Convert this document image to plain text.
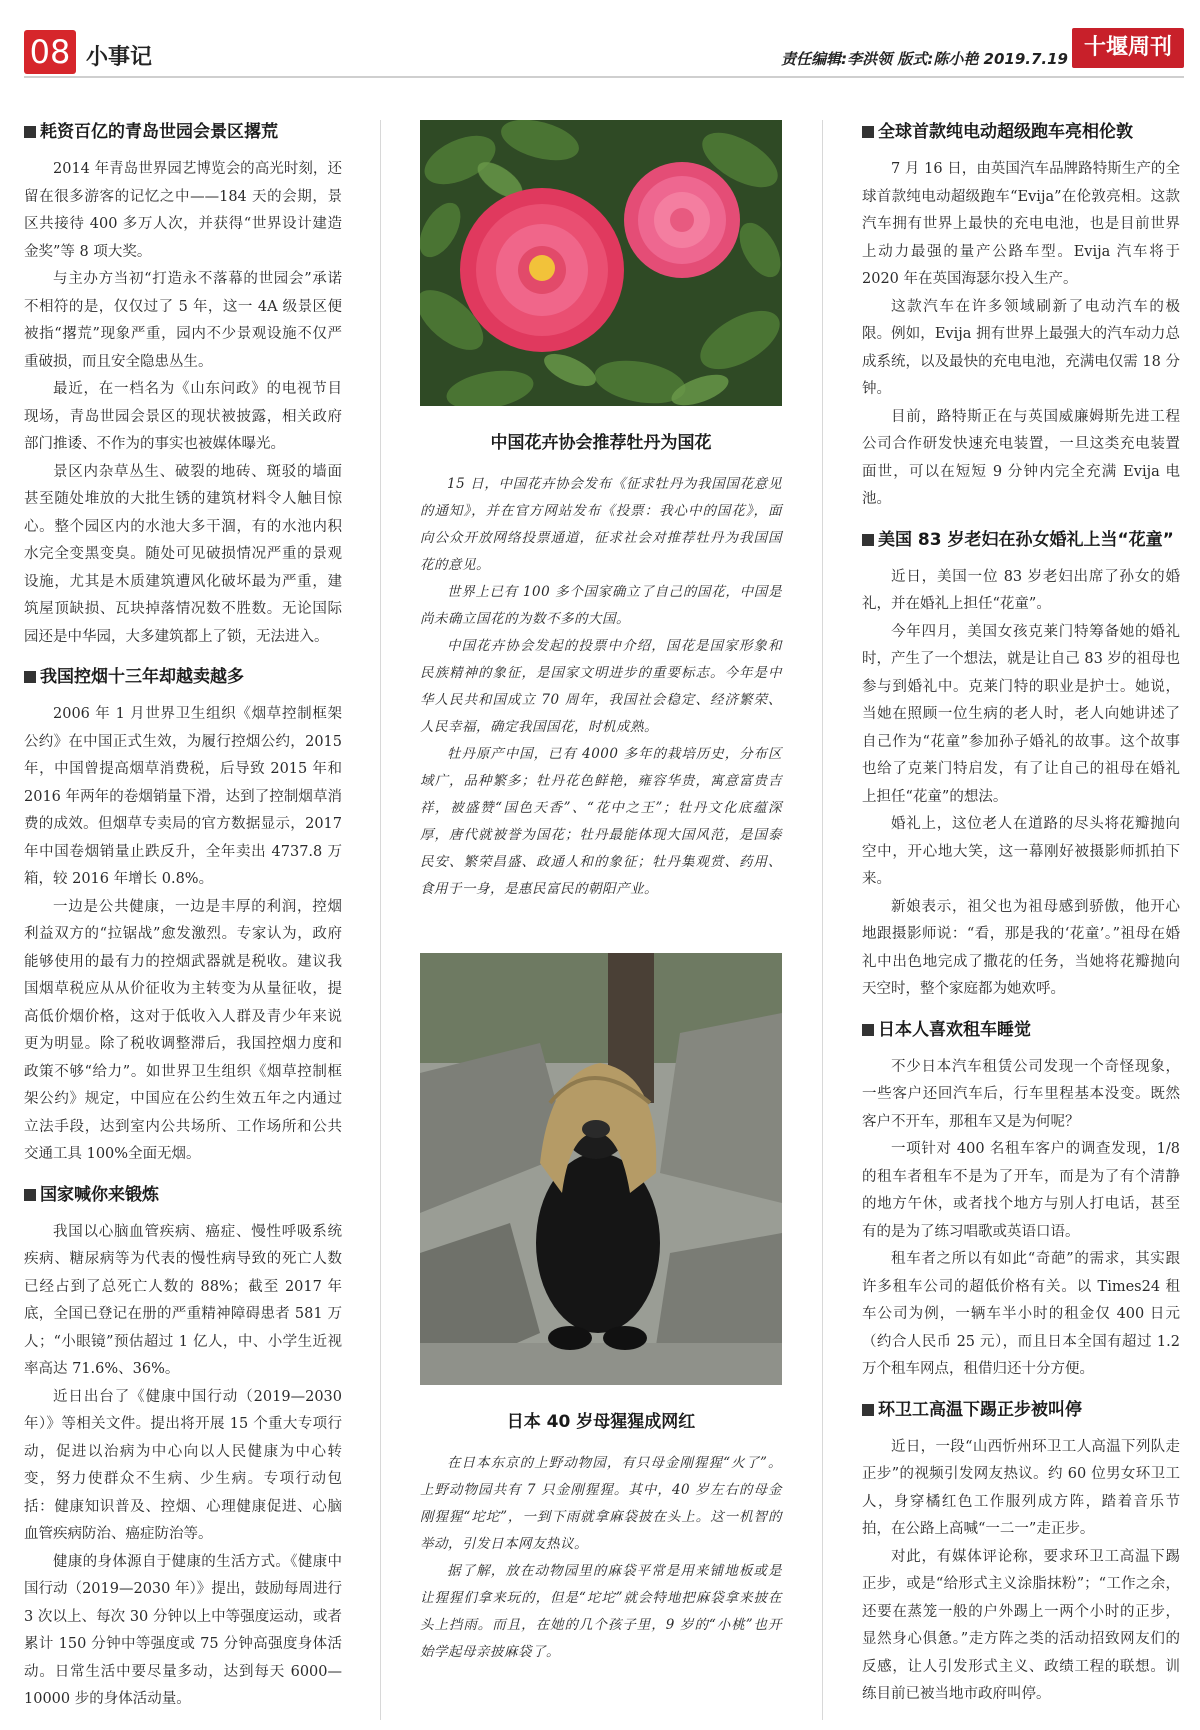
08 小事记	责任编辑:李洪领 版式:陈小艳 2019.7.19 十堰周刊
耗资百亿的青岛世园会景区撂荒

2014 年青岛世界园艺博览会的高光时刻，还留在很多游客的记忆之中——184 天的会期，景区共接待 400 多万人次，并获得“世界设计建造金奖”等 8 项大奖。

与主办方当初“打造永不落幕的世园会”承诺不相符的是，仅仅过了 5 年，这一 4A 级景区便被指“撂荒”现象严重，园内不少景观设施不仅严重破损，而且安全隐患丛生。

最近，在一档名为《山东问政》的电视节目现场，青岛世园会景区的现状被披露，相关政府部门推诿、不作为的事实也被媒体曝光。

景区内杂草丛生、破裂的地砖、斑驳的墙面甚至随处堆放的大批生锈的建筑材料令人触目惊心。整个园区内的水池大多干涸，有的水池内积水完全变黑变臭。随处可见破损情况严重的景观设施，尤其是木质建筑遭风化破坏最为严重，建筑屋顶缺损、瓦块掉落情况数不胜数。无论国际园还是中华园，大多建筑都上了锁，无法进入。

我国控烟十三年却越卖越多

2006 年 1 月世界卫生组织《烟草控制框架公约》在中国正式生效，为履行控烟公约，2015 年，中国曾提高烟草消费税，后导致 2015 年和 2016 年两年的卷烟销量下滑，达到了控制烟草消费的成效。但烟草专卖局的官方数据显示，2017 年中国卷烟销量止跌反升，全年卖出 4737.8 万箱，较 2016 年增长 0.8%。

一边是公共健康，一边是丰厚的利润，控烟利益双方的“拉锯战”愈发激烈。专家认为，政府能够使用的最有力的控烟武器就是税收。建议我国烟草税应从从价征收为主转变为从量征收，提高低价烟价格，这对于低收入人群及青少年来说更为明显。除了税收调整滞后，我国控烟力度和政策不够“给力”。如世界卫生组织《烟草控制框架公约》规定，中国应在公约生效五年之内通过立法手段，达到室内公共场所、工作场所和公共交通工具 100%全面无烟。

国家喊你来锻炼

我国以心脑血管疾病、癌症、慢性呼吸系统疾病、糖尿病等为代表的慢性病导致的死亡人数已经占到了总死亡人数的 88%；截至 2017 年底，全国已登记在册的严重精神障碍患者 581 万人；“小眼镜”预估超过 1 亿人，中、小学生近视率高达 71.6%、36%。

近日出台了《健康中国行动（2019—2030 年）》等相关文件。提出将开展 15 个重大专项行动，促进以治病为中心向以人民健康为中心转变，努力使群众不生病、少生病。专项行动包括：健康知识普及、控烟、心理健康促进、心脑血管疾病防治、癌症防治等。

健康的身体源自于健康的生活方式。《健康中国行动（2019—2030 年）》提出，鼓励每周进行 3 次以上、每次 30 分钟以上中等强度运动，或者累计 150 分钟中等强度或 75 分钟高强度身体活动。日常生活中要尽量多动，达到每天 6000—10000 步的身体活动量。

中国花卉协会推荐牡丹为国花

15 日，中国花卉协会发布《征求牡丹为我国国花意见的通知》，并在官方网站发布《投票：我心中的国花》，面向公众开放网络投票通道，征求社会对推荐牡丹为我国国花的意见。

世界上已有 100 多个国家确立了自己的国花，中国是尚未确立国花的为数不多的大国。

中国花卉协会发起的投票中介绍，国花是国家形象和民族精神的象征，是国家文明进步的重要标志。今年是中华人民共和国成立 70 周年，我国社会稳定、经济繁荣、人民幸福，确定我国国花，时机成熟。

牡丹原产中国，已有 4000 多年的栽培历史，分布区域广，品种繁多；牡丹花色鲜艳，雍容华贵，寓意富贵吉祥，被盛赞“国色天香”、“花中之王”；牡丹文化底蕴深厚，唐代就被誉为国花；牡丹最能体现大国风范，是国泰民安、繁荣昌盛、政通人和的象征；牡丹集观赏、药用、食用于一身，是惠民富民的朝阳产业。

日本 40 岁母猩猩成网红

在日本东京的上野动物园，有只母金刚猩猩“火了”。上野动物园共有 7 只金刚猩猩。其中，40 岁左右的母金刚猩猩“坨坨”，一到下雨就拿麻袋披在头上。这一机智的举动，引发日本网友热议。

据了解，放在动物园里的麻袋平常是用来铺地板或是让猩猩们拿来玩的，但是“坨坨”就会特地把麻袋拿来披在头上挡雨。而且，在她的几个孩子里，9 岁的“小桃”也开始学起母亲披麻袋了。

全球首款纯电动超级跑车亮相伦敦

7 月 16 日，由英国汽车品牌路特斯生产的全球首款纯电动超级跑车“Evija”在伦敦亮相。这款汽车拥有世界上最快的充电电池，也是目前世界上动力最强的量产公路车型。Evija 汽车将于 2020 年在英国海瑟尔投入生产。

这款汽车在许多领域刷新了电动汽车的极限。例如，Evija 拥有世界上最强大的汽车动力总成系统，以及最快的充电电池，充满电仅需 18 分钟。

目前，路特斯正在与英国威廉姆斯先进工程公司合作研发快速充电装置，一旦这类充电装置面世，可以在短短 9 分钟内完全充满 Evija 电池。

美国 83 岁老妇在孙女婚礼上当“花童”

近日，美国一位 83 岁老妇出席了孙女的婚礼，并在婚礼上担任“花童”。

今年四月，美国女孩克莱门特筹备她的婚礼时，产生了一个想法，就是让自己 83 岁的祖母也参与到婚礼中。克莱门特的职业是护士。她说，当她在照顾一位生病的老人时，老人向她讲述了自己作为“花童”参加孙子婚礼的故事。这个故事也给了克莱门特启发，有了让自己的祖母在婚礼上担任“花童”的想法。

婚礼上，这位老人在道路的尽头将花瓣抛向空中，开心地大笑，这一幕刚好被摄影师抓拍下来。

新娘表示，祖父也为祖母感到骄傲，他开心地跟摄影师说：“看，那是我的‘花童’。”祖母在婚礼中出色地完成了撒花的任务，当她将花瓣抛向天空时，整个家庭都为她欢呼。

日本人喜欢租车睡觉

不少日本汽车租赁公司发现一个奇怪现象，一些客户还回汽车后，行车里程基本没变。既然客户不开车，那租车又是为何呢？

一项针对 400 名租车客户的调查发现，1/8 的租车者租车不是为了开车，而是为了有个清静的地方午休，或者找个地方与别人打电话，甚至有的是为了练习唱歌或英语口语。

租车者之所以有如此“奇葩”的需求，其实跟许多租车公司的超低价格有关。以 Times24 租车公司为例，一辆车半小时的租金仅 400 日元（约合人民币 25 元），而且日本全国有超过 1.2 万个租车网点，租借归还十分方便。

环卫工高温下踢正步被叫停

近日，一段“山西忻州环卫工人高温下列队走正步”的视频引发网友热议。约 60 位男女环卫工人，身穿橘红色工作服列成方阵，踏着音乐节拍，在公路上高喊“一二一”走正步。

对此，有媒体评论称，要求环卫工高温下踢正步，或是“给形式主义涂脂抹粉”；“工作之余，还要在蒸笼一般的户外踢上一两个小时的正步，显然身心俱惫。”走方阵之类的活动招致网友们的反感，让人引发形式主义、政绩工程的联想。训练目前已被当地市政府叫停。
